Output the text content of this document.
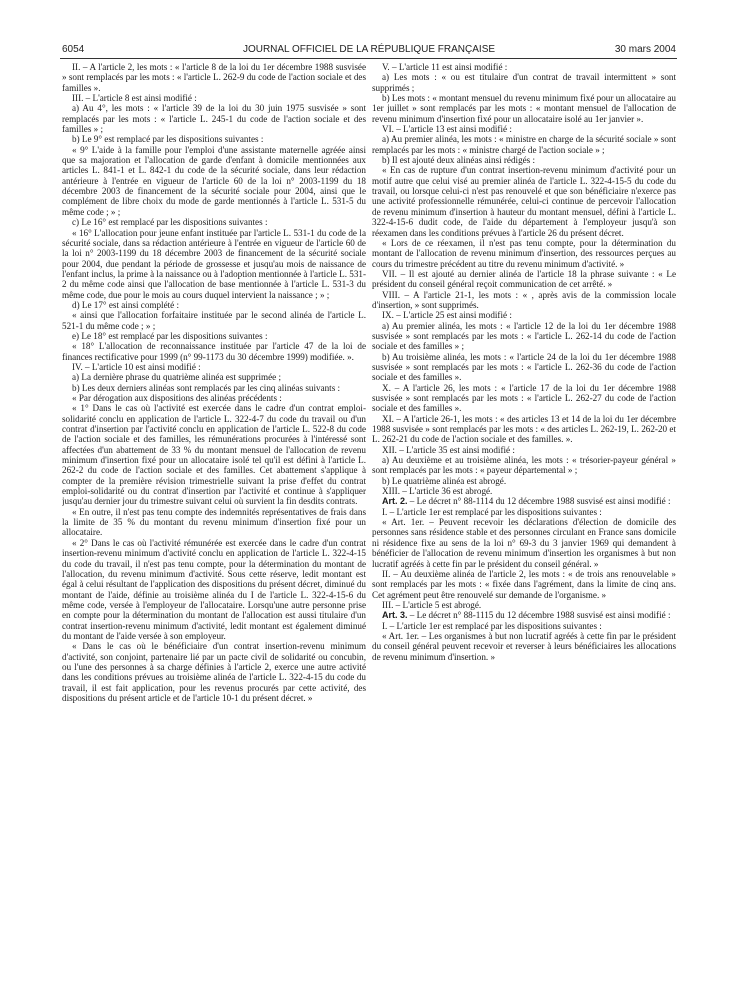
6054	JOURNAL OFFICIEL DE LA RÉPUBLIQUE FRANÇAISE	30 mars 2004

II. – A l'article 2, les mots : « l'article 8 de la loi du 1er décembre 1988 susvisée » sont remplacés par les mots : « l'article L. 262-9 du code de l'action sociale et des familles ».

III. – L'article 8 est ainsi modifié :

a) Au 4°, les mots : « l'article 39 de la loi du 30 juin 1975 susvisée » sont remplacés par les mots : « l'article L. 245-1 du code de l'action sociale et des familles » ;

b) Le 9° est remplacé par les dispositions suivantes :

« 9° L'aide à la famille pour l'emploi d'une assistante maternelle agréée ainsi que sa majoration et l'allocation de garde d'enfant à domicile mentionnées aux articles L. 841-1 et L. 842-1 du code de la sécurité sociale, dans leur rédaction antérieure à l'entrée en vigueur de l'article 60 de la loi n° 2003-1199 du 18 décembre 2003 de financement de la sécurité sociale pour 2004, ainsi que le complément de libre choix du mode de garde mentionnés à l'article L. 531-5 du même code ; » ;

c) Le 16° est remplacé par les dispositions suivantes :

« 16° L'allocation pour jeune enfant instituée par l'article L. 531-1 du code de la sécurité sociale, dans sa rédaction antérieure à l'entrée en vigueur de l'article 60 de la loi n° 2003-1199 du 18 décembre 2003 de financement de la sécurité sociale pour 2004, due pendant la période de grossesse et jusqu'au mois de naissance de l'enfant inclus, la prime à la naissance ou à l'adoption mentionnée à l'article L. 531-2 du même code ainsi que l'allocation de base mentionnée à l'article L. 531-3 du même code, due pour le mois au cours duquel intervient la naissance ; » ;

d) Le 17° est ainsi complété :

« ainsi que l'allocation forfaitaire instituée par le second alinéa de l'article L. 521-1 du même code ; » ;

e) Le 18° est remplacé par les dispositions suivantes :

« 18° L'allocation de reconnaissance instituée par l'article 47 de la loi de finances rectificative pour 1999 (n° 99-1173 du 30 décembre 1999) modifiée. ».

IV. – L'article 10 est ainsi modifié :

a) La dernière phrase du quatrième alinéa est supprimée ;

b) Les deux derniers alinéas sont remplacés par les cinq alinéas suivants :

« Par dérogation aux dispositions des alinéas précédents :

« 1° Dans le cas où l'activité est exercée dans le cadre d'un contrat emploi-solidarité conclu en application de l'article L. 322-4-7 du code du travail ou d'un contrat d'insertion par l'activité conclu en application de l'article L. 522-8 du code de l'action sociale et des familles, les rémunérations procurées à l'intéressé sont affectées d'un abattement de 33 % du montant mensuel de l'allocation de revenu minimum d'insertion fixé pour un allocataire isolé tel qu'il est défini à l'article L. 262-2 du code de l'action sociale et des familles. Cet abattement s'applique à compter de la première révision trimestrielle suivant la prise d'effet du contrat emploi-solidarité ou du contrat d'insertion par l'activité et continue à s'appliquer jusqu'au dernier jour du trimestre suivant celui où survient la fin desdits contrats.

« En outre, il n'est pas tenu compte des indemnités représentatives de frais dans la limite de 35 % du montant du revenu minimum d'insertion fixé pour un allocataire.

« 2° Dans le cas où l'activité rémunérée est exercée dans le cadre d'un contrat insertion-revenu minimum d'activité conclu en application de l'article L. 322-4-15 du code du travail, il n'est pas tenu compte, pour la détermination du montant de l'allocation, du revenu minimum d'activité. Sous cette réserve, ledit montant est égal à celui résultant de l'application des dispositions du présent décret, diminué du montant de l'aide, définie au troisième alinéa du I de l'article L. 322-4-15-6 du même code, versée à l'employeur de l'allocataire. Lorsqu'une autre personne prise en compte pour la détermination du montant de l'allocation est aussi titulaire d'un contrat insertion-revenu minimum d'activité, ledit montant est également diminué du montant de l'aide versée à son employeur.

« Dans le cas où le bénéficiaire d'un contrat insertion-revenu minimum d'activité, son conjoint, partenaire lié par un pacte civil de solidarité ou concubin, ou l'une des personnes à sa charge définies à l'article 2, exerce une autre activité dans les conditions prévues au troisième alinéa de l'article L. 322-4-15 du code du travail, il est fait application, pour les revenus procurés par cette activité, des dispositions du présent article et de l'article 10-1 du présent décret. »

V. – L'article 11 est ainsi modifié :

a) Les mots : « ou est titulaire d'un contrat de travail intermittent » sont supprimés ;

b) Les mots : « montant mensuel du revenu minimum fixé pour un allocataire au 1er juillet » sont remplacés par les mots : « montant mensuel de l'allocation de revenu minimum d'insertion fixé pour un allocataire isolé au 1er janvier ».

VI. – L'article 13 est ainsi modifié :

a) Au premier alinéa, les mots : « ministre en charge de la sécurité sociale » sont remplacés par les mots : « ministre chargé de l'action sociale » ;

b) Il est ajouté deux alinéas ainsi rédigés :

« En cas de rupture d'un contrat insertion-revenu minimum d'activité pour un motif autre que celui visé au premier alinéa de l'article L. 322-4-15-5 du code du travail, ou lorsque celui-ci n'est pas renouvelé et que son bénéficiaire n'exerce pas une activité professionnelle rémunérée, celui-ci continue de percevoir l'allocation de revenu minimum d'insertion à hauteur du montant mensuel, défini à l'article L. 322-4-15-6 dudit code, de l'aide du département à l'employeur jusqu'à son réexamen dans les conditions prévues à l'article 26 du présent décret.

« Lors de ce réexamen, il n'est pas tenu compte, pour la détermination du montant de l'allocation de revenu minimum d'insertion, des ressources perçues au cours du trimestre précédent au titre du revenu minimum d'activité. »

VII. – Il est ajouté au dernier alinéa de l'article 18 la phrase suivante : « Le président du conseil général reçoit communication de cet arrêté. »

VIII. – A l'article 21-1, les mots : « , après avis de la commission locale d'insertion, » sont supprimés.

IX. – L'article 25 est ainsi modifié :

a) Au premier alinéa, les mots : « l'article 12 de la loi du 1er décembre 1988 susvisée » sont remplacés par les mots : « l'article L. 262-14 du code de l'action sociale et des familles » ;

b) Au troisième alinéa, les mots : « l'article 24 de la loi du 1er décembre 1988 susvisée » sont remplacés par les mots : « l'article L. 262-36 du code de l'action sociale et des familles ».

X. – A l'article 26, les mots : « l'article 17 de la loi du 1er décembre 1988 susvisée » sont remplacés par les mots : « l'article L. 262-27 du code de l'action sociale et des familles ».

XI. – A l'article 26-1, les mots : « des articles 13 et 14 de la loi du 1er décembre 1988 susvisée » sont remplacés par les mots : « des articles L. 262-19, L. 262-20 et L. 262-21 du code de l'action sociale et des familles. ».

XII. – L'article 35 est ainsi modifié :

a) Au deuxième et au troisième alinéa, les mots : « trésorier-payeur général » sont remplacés par les mots : « payeur départemental » ;

b) Le quatrième alinéa est abrogé.

XIII. – L'article 36 est abrogé.

Art. 2. – Le décret n° 88-1114 du 12 décembre 1988 susvisé est ainsi modifié :

I. – L'article 1er est remplacé par les dispositions suivantes :

« Art. 1er. – Peuvent recevoir les déclarations d'élection de domicile des personnes sans résidence stable et des personnes circulant en France sans domicile ni résidence fixe au sens de la loi n° 69-3 du 3 janvier 1969 qui demandent à bénéficier de l'allocation de revenu minimum d'insertion les organismes à but non lucratif agréés à cette fin par le président du conseil général. »

II. – Au deuxième alinéa de l'article 2, les mots : « de trois ans renouvelable » sont remplacés par les mots : « fixée dans l'agrément, dans la limite de cinq ans. Cet agrément peut être renouvelé sur demande de l'organisme. »

III. – L'article 5 est abrogé.

Art. 3. – Le décret n° 88-1115 du 12 décembre 1988 susvisé est ainsi modifié :

I. – L'article 1er est remplacé par les dispositions suivantes :

« Art. 1er. – Les organismes à but non lucratif agréés à cette fin par le président du conseil général peuvent recevoir et reverser à leurs bénéficiaires les allocations de revenu minimum d'insertion. »
